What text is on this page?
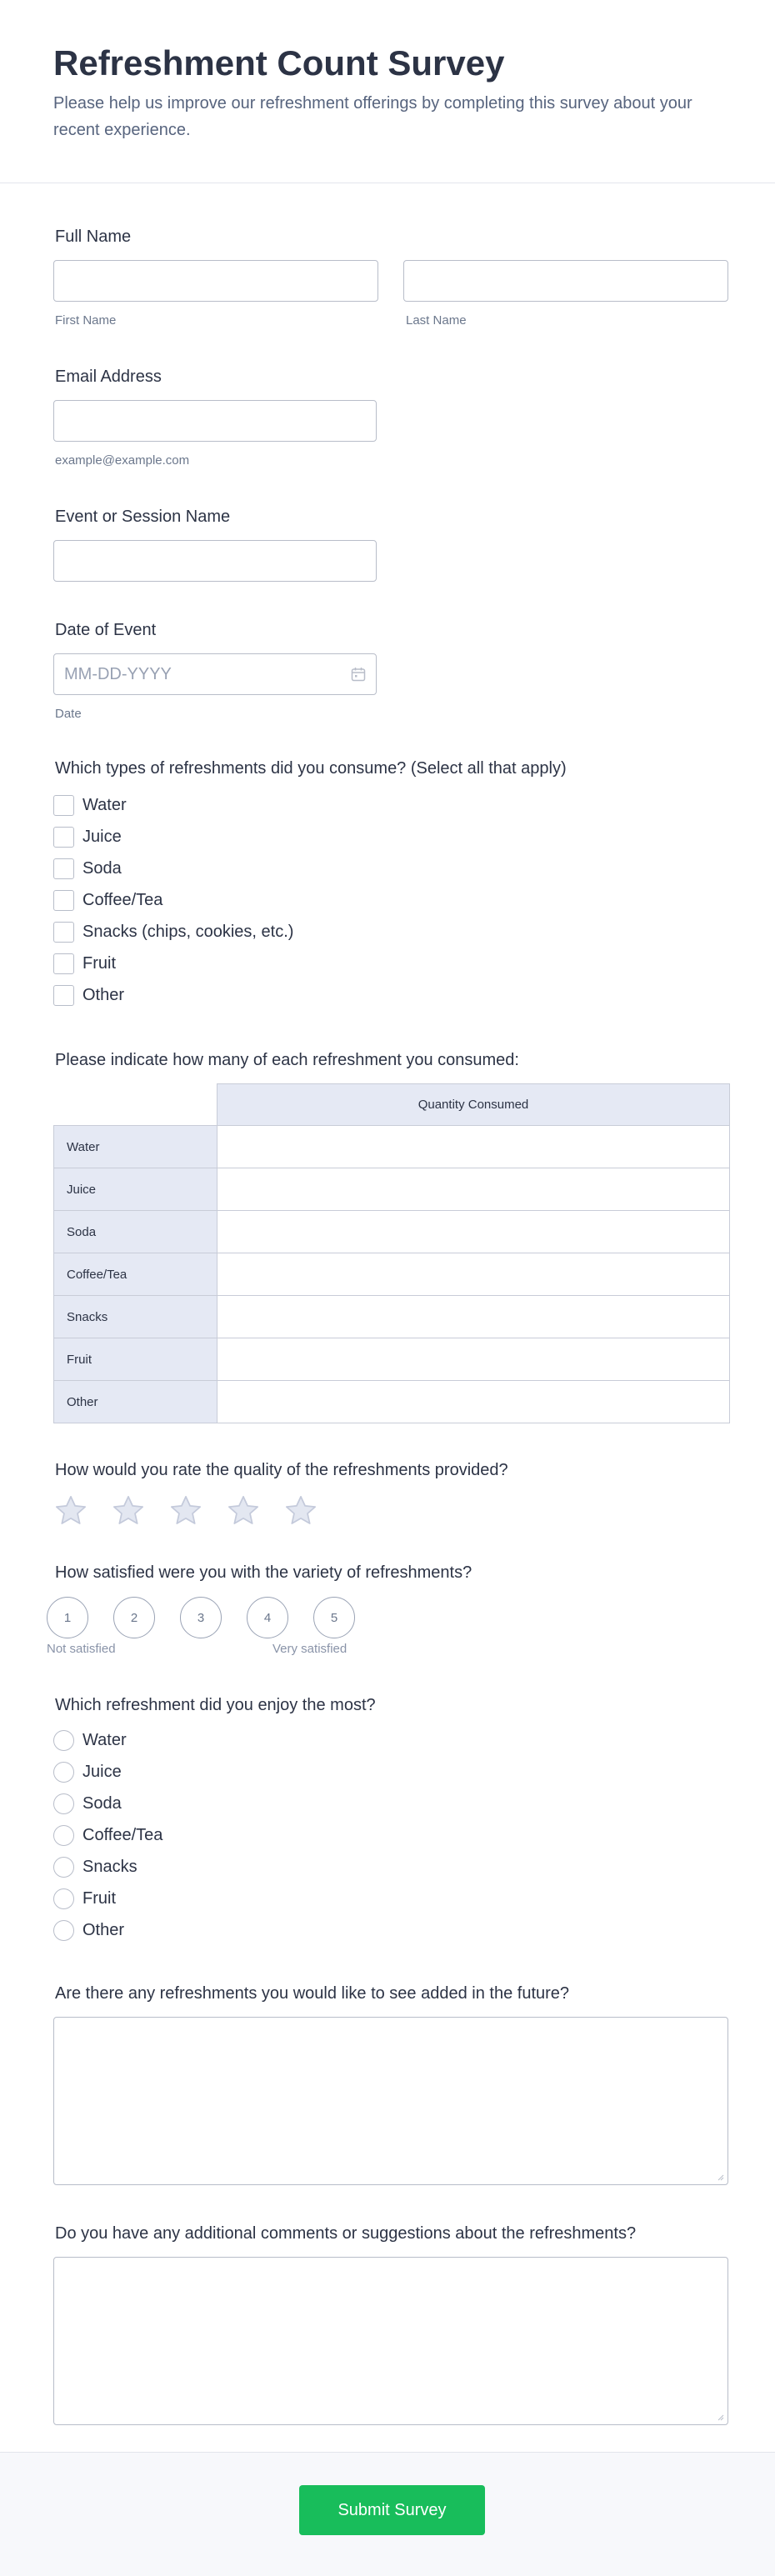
Refreshment Count Survey

Please help us improve our refreshment offerings by completing this survey about your recent experience.

Full Name
First Name	Last Name
Email Address
example@example.com
Event or Session Name
Date of Event
MM-DD-YYYY
Date
Which types of refreshments did you consume? (Select all that apply)
Water
Juice
Soda
Coffee/Tea
Snacks (chips, cookies, etc.)
Fruit
Other
Please indicate how many of each refreshment you consumed:
	Quantity Consumed
Water	
Juice	
Soda	
Coffee/Tea	
Snacks	
Fruit	
Other	
How would you rate the quality of the refreshments provided?
How satisfied were you with the variety of refreshments?
1	2	3	4	5
Not satisfied	Very satisfied
Which refreshment did you enjoy the most?
Water
Juice
Soda
Coffee/Tea
Snacks
Fruit
Other
Are there any refreshments you would like to see added in the future?
Do you have any additional comments or suggestions about the refreshments?
Submit Survey
